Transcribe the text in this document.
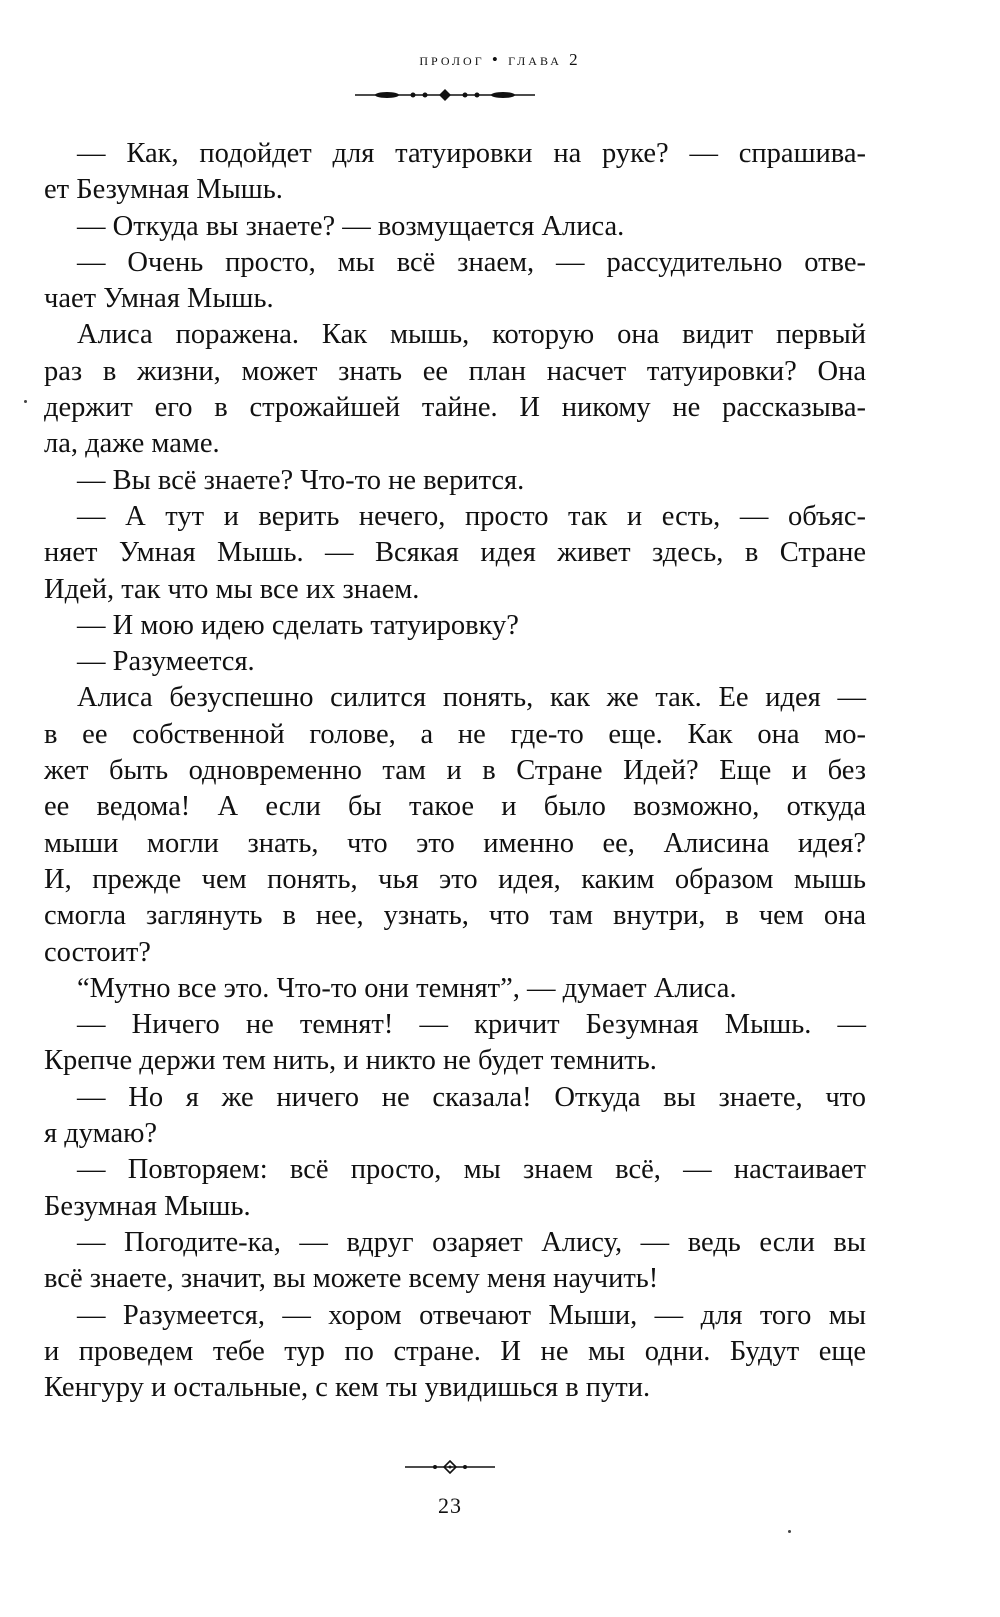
пролог • глава 2
— Как, подойдет для татуировки на руке? — спрашива-
ет Безумная Мышь.
— Откуда вы знаете? — возмущается Алиса.
— Очень просто, мы всё знаем, — рассудительно отве-
чает Умная Мышь.
Алиса поражена. Как мышь, которую она видит первый
раз в жизни, может знать ее план насчет татуировки? Она
держит его в строжайшей тайне. И никому не рассказыва-
ла, даже маме.
— Вы всё знаете? Что-то не верится.
— А тут и верить нечего, просто так и есть, — объяс-
няет Умная Мышь. — Всякая идея живет здесь, в Стране
Идей, так что мы все их знаем.
— И мою идею сделать татуировку?
— Разумеется.
Алиса безуспешно силится понять, как же так. Ее идея —
в ее собственной голове, а не где-то еще. Как она мо-
жет быть одновременно там и в Стране Идей? Еще и без
ее ведома! А если бы такое и было возможно, откуда
мыши могли знать, что это именно ее, Алисина идея?
И, прежде чем понять, чья это идея, каким образом мышь
смогла заглянуть в нее, узнать, что там внутри, в чем она
состоит?
“Мутно все это. Что-то они темнят”, — думает Алиса.
— Ничего не темнят! — кричит Безумная Мышь. —
Крепче держи тем нить, и никто не будет темнить.
— Но я же ничего не сказала! Откуда вы знаете, что
я думаю?
— Повторяем: всё просто, мы знаем всё, — настаивает
Безумная Мышь.
— Погодите-ка, — вдруг озаряет Алису, — ведь если вы
всё знаете, значит, вы можете всему меня научить!
— Разумеется, — хором отвечают Мыши, — для того мы
и проведем тебе тур по стране. И не мы одни. Будут еще
Кенгуру и остальные, с кем ты увидишься в пути.
23
